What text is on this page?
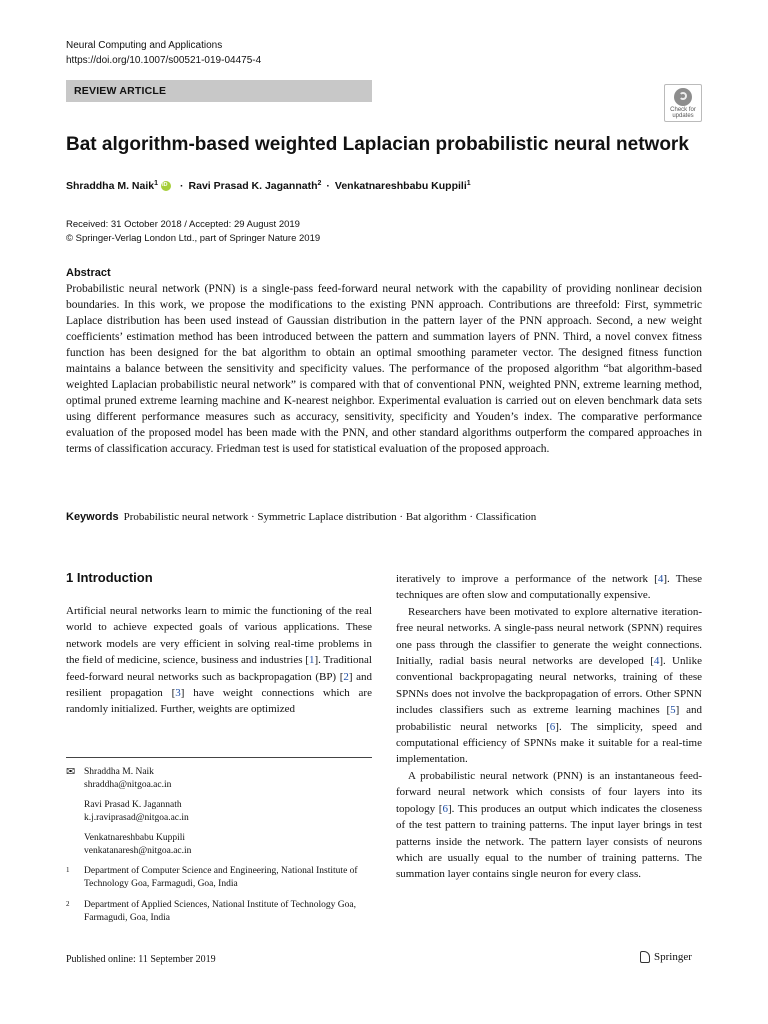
Neural Computing and Applications
https://doi.org/10.1007/s00521-019-04475-4
REVIEW ARTICLE
Check for updates
Bat algorithm-based weighted Laplacian probabilistic neural network
Shraddha M. Naik$^1$
iD · Ravi Prasad K. Jagannath$^2$ · Venkatnareshbabu Kuppili$^1$
Received: 31 October 2018 / Accepted: 29 August 2019
© Springer-Verlag London Ltd., part of Springer Nature 2019
Abstract

Probabilistic neural network (PNN) is a single-pass feed-forward neural network with the capability of providing nonlinear decision boundaries. In this work, we propose the modifications to the existing PNN approach. Contributions are threefold: First, symmetric Laplace distribution has been used instead of Gaussian distribution in the pattern layer of the PNN approach. Second, a new weight coefficients’ estimation method has been introduced between the pattern and summation layers of PNN. Third, a novel convex fitness function has been designed for the bat algorithm to obtain an optimal smoothing parameter vector. The designed fitness function maintains a balance between the sensitivity and specificity values. The performance of the proposed algorithm “bat algorithm-based weighted Laplacian probabilistic neural network” is compared with that of conventional PNN, weighted PNN, extreme learning method, optimal pruned extreme learning machine and K-nearest neighbor. Experimental evaluation is carried out on eleven benchmark data sets using different performance measures such as accuracy, sensitivity, specificity and Youden’s index. The comparative performance evaluation of the proposed model has been made with the PNN, and other standard algorithms outperform the compared approaches in terms of classification accuracy. Friedman test is used for statistical evaluation of the proposed approach.

Keywords Probabilistic neural network · Symmetric Laplace distribution · Bat algorithm · Classification
1 Introduction

Artificial neural networks learn to mimic the functioning of the real world to achieve expected goals of various applications. These network models are very efficient in solving real-time problems in the field of medicine, science, business and industries [1]. Traditional feed-forward neural networks such as backpropagation (BP) [2] and resilient propagation [3] have weight connections which are randomly initialized. Further, weights are optimized

iteratively to improve a performance of the network [4]. These techniques are often slow and computationally expensive.

Researchers have been motivated to explore alternative iteration-free neural networks. A single-pass neural network (SPNN) requires one pass through the classifier to generate the weight connections. Initially, radial basis neural networks are developed [4]. Unlike conventional backpropagating neural networks, training of these SPNNs does not involve the backpropagation of errors. Other SPNN includes classifiers such as extreme learning machines [5] and probabilistic neural networks [6]. The simplicity, speed and computational efficiency of SPNNs make it suitable for a real-time implementation.

A probabilistic neural network (PNN) is an instantaneous feed-forward neural network which consists of four layers into its topology [6]. This produces an output which indicates the closeness of the test pattern to training patterns. The input layer brings in test patterns inside the network. The pattern layer consists of neurons which are usually equal to the number of training patterns. The summation layer contains single neuron for every class.

✉ Shraddha M. Naik
shraddha@nitgoa.ac.in
Ravi Prasad K. Jagannath
k.j.raviprasad@nitgoa.ac.in
Venkatnareshbabu Kuppili
venkatanaresh@nitgoa.ac.in
1	Department of Computer Science and Engineering, National Institute of Technology Goa, Farmagudi, Goa, India
2	Department of Applied Sciences, National Institute of Technology Goa, Farmagudi, Goa, India
Published online: 11 September 2019	Springer
